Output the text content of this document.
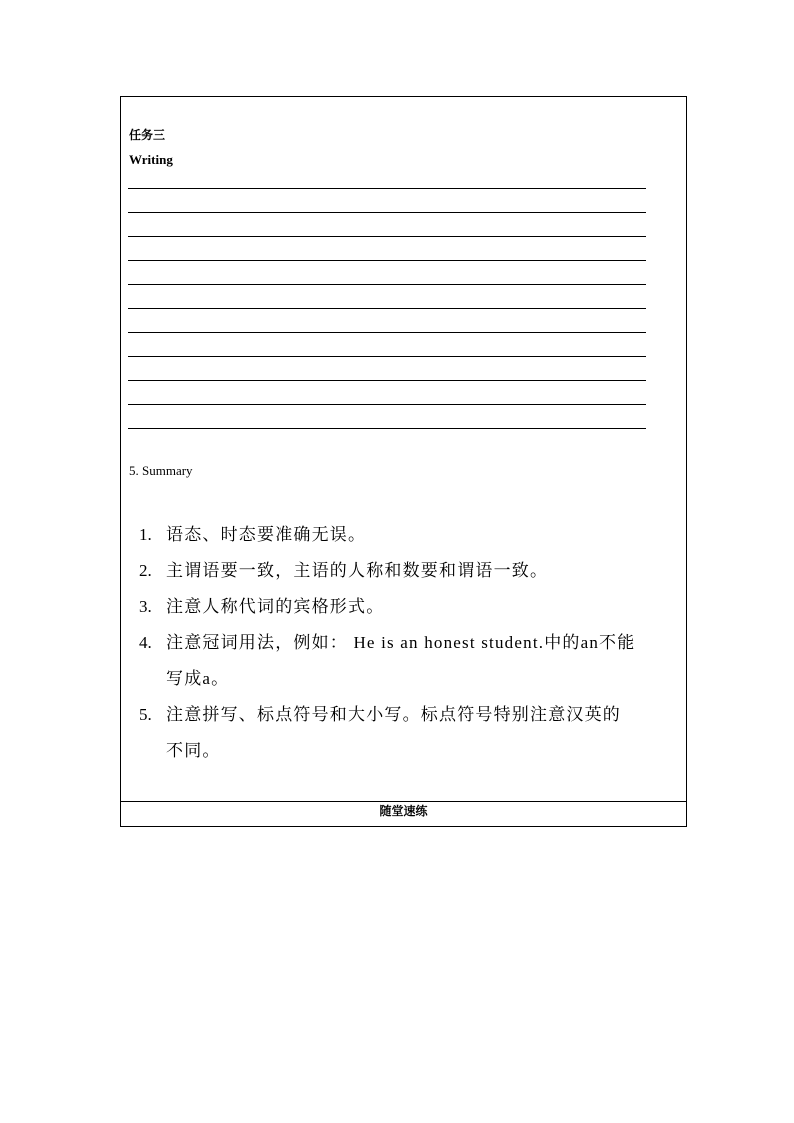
任务三
Writing
5. Summary
1. 语态、时态要准确无误。
2. 主谓语要一致，主语的人称和数要和谓语一致。
3. 注意人称代词的宾格形式。
4. 注意冠词用法，例如： He is an honest student.中的an不能写成a。
5. 注意拼写、标点符号和大小写。标点符号特别注意汉英的不同。
随堂速练
